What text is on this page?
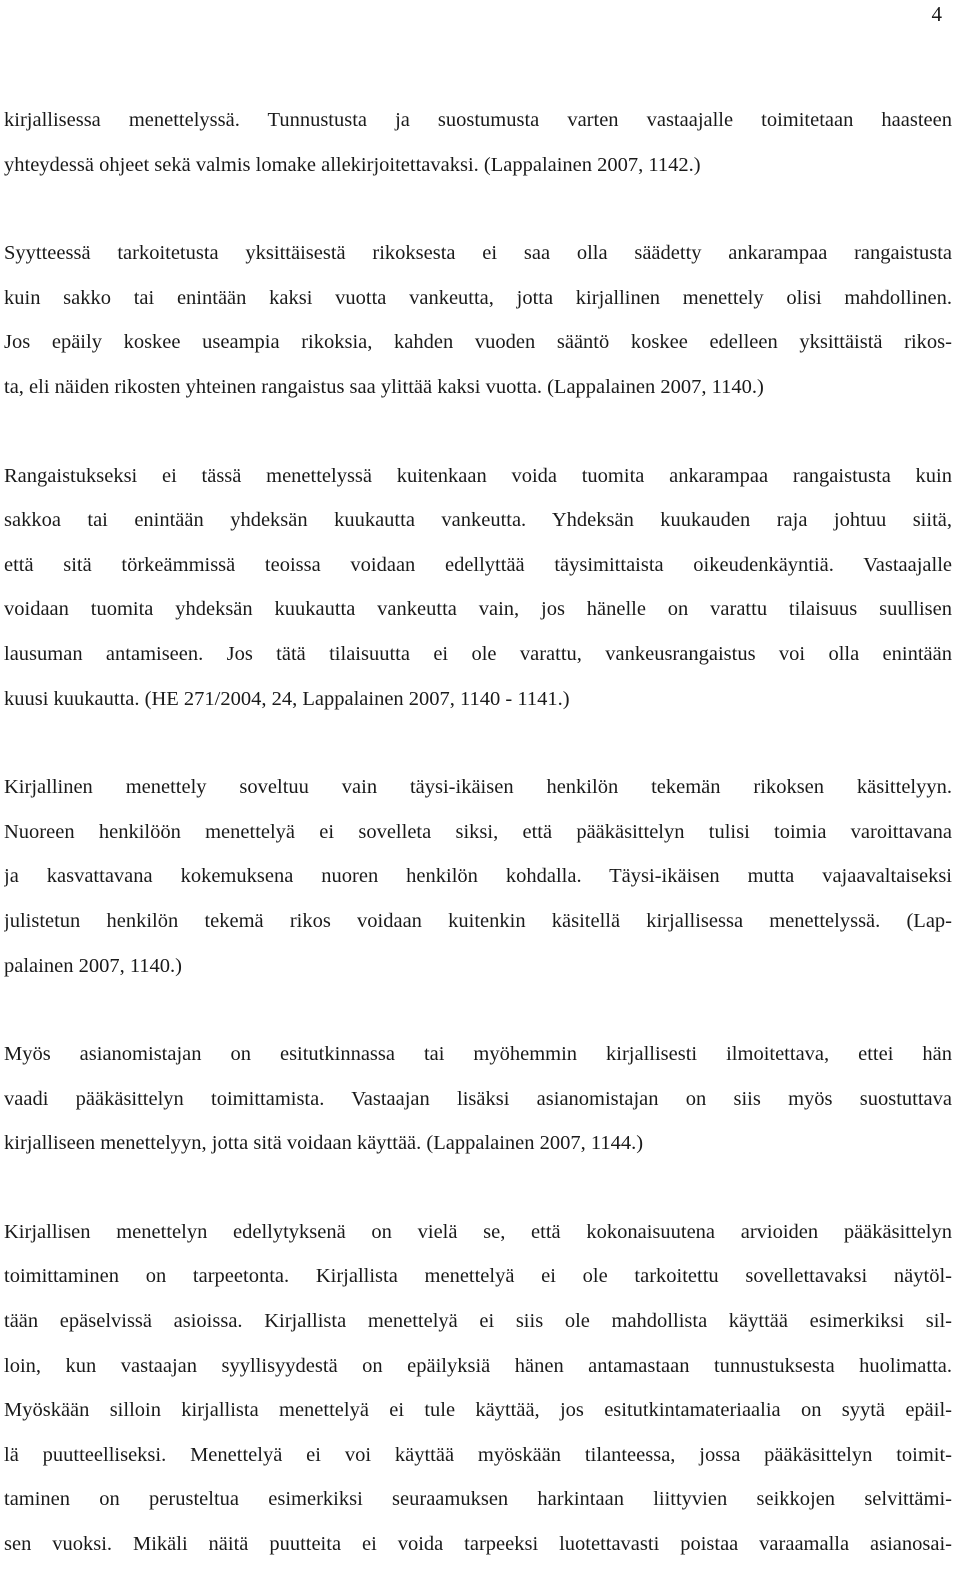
4

kirjallisessa menettelyssä. Tunnustusta ja suostumusta varten vastaajalle toimitetaan haasteen
yhteydessä ohjeet sekä valmis lomake allekirjoitettavaksi. (Lappalainen 2007, 1142.)

Syytteessä tarkoitetusta yksittäisestä rikoksesta ei saa olla säädetty ankarampaa rangaistusta
kuin sakko tai enintään kaksi vuotta vankeutta, jotta kirjallinen menettely olisi mahdollinen.
Jos epäily koskee useampia rikoksia, kahden vuoden sääntö koskee edelleen yksittäistä rikos-
ta, eli näiden rikosten yhteinen rangaistus saa ylittää kaksi vuotta. (Lappalainen 2007, 1140.)

Rangaistukseksi ei tässä menettelyssä kuitenkaan voida tuomita ankarampaa rangaistusta kuin
sakkoa tai enintään yhdeksän kuukautta vankeutta. Yhdeksän kuukauden raja johtuu siitä,
että sitä törkeämmissä teoissa voidaan edellyttää täysimittaista oikeudenkäyntiä. Vastaajalle
voidaan tuomita yhdeksän kuukautta vankeutta vain, jos hänelle on varattu tilaisuus suullisen
lausuman antamiseen. Jos tätä tilaisuutta ei ole varattu, vankeusrangaistus voi olla enintään
kuusi kuukautta. (HE 271/2004, 24, Lappalainen 2007, 1140 - 1141.)

Kirjallinen menettely soveltuu vain täysi-ikäisen henkilön tekemän rikoksen käsittelyyn.
Nuoreen henkilöön menettelyä ei sovelleta siksi, että pääkäsittelyn tulisi toimia varoittavana
ja kasvattavana kokemuksena nuoren henkilön kohdalla. Täysi-ikäisen mutta vajaavaltaiseksi
julistetun henkilön tekemä rikos voidaan kuitenkin käsitellä kirjallisessa menettelyssä. (Lap-
palainen 2007, 1140.)

Myös asianomistajan on esitutkinnassa tai myöhemmin kirjallisesti ilmoitettava, ettei hän
vaadi pääkäsittelyn toimittamista. Vastaajan lisäksi asianomistajan on siis myös suostuttava
kirjalliseen menettelyyn, jotta sitä voidaan käyttää. (Lappalainen 2007, 1144.)

Kirjallisen menettelyn edellytyksenä on vielä se, että kokonaisuutena arvioiden pääkäsittelyn
toimittaminen on tarpeetonta. Kirjallista menettelyä ei ole tarkoitettu sovellettavaksi näytöl-
tään epäselvissä asioissa. Kirjallista menettelyä ei siis ole mahdollista käyttää esimerkiksi sil-
loin, kun vastaajan syyllisyydestä on epäilyksiä hänen antamastaan tunnustuksesta huolimatta.
Myöskään silloin kirjallista menettelyä ei tule käyttää, jos esitutkintamateriaalia on syytä epäil-
lä puutteelliseksi. Menettelyä ei voi käyttää myöskään tilanteessa, jossa pääkäsittelyn toimit-
taminen on perusteltua esimerkiksi seuraamuksen harkintaan liittyvien seikkojen selvittämi-
sen vuoksi. Mikäli näitä puutteita ei voida tarpeeksi luotettavasti poistaa varaamalla asianosai-
